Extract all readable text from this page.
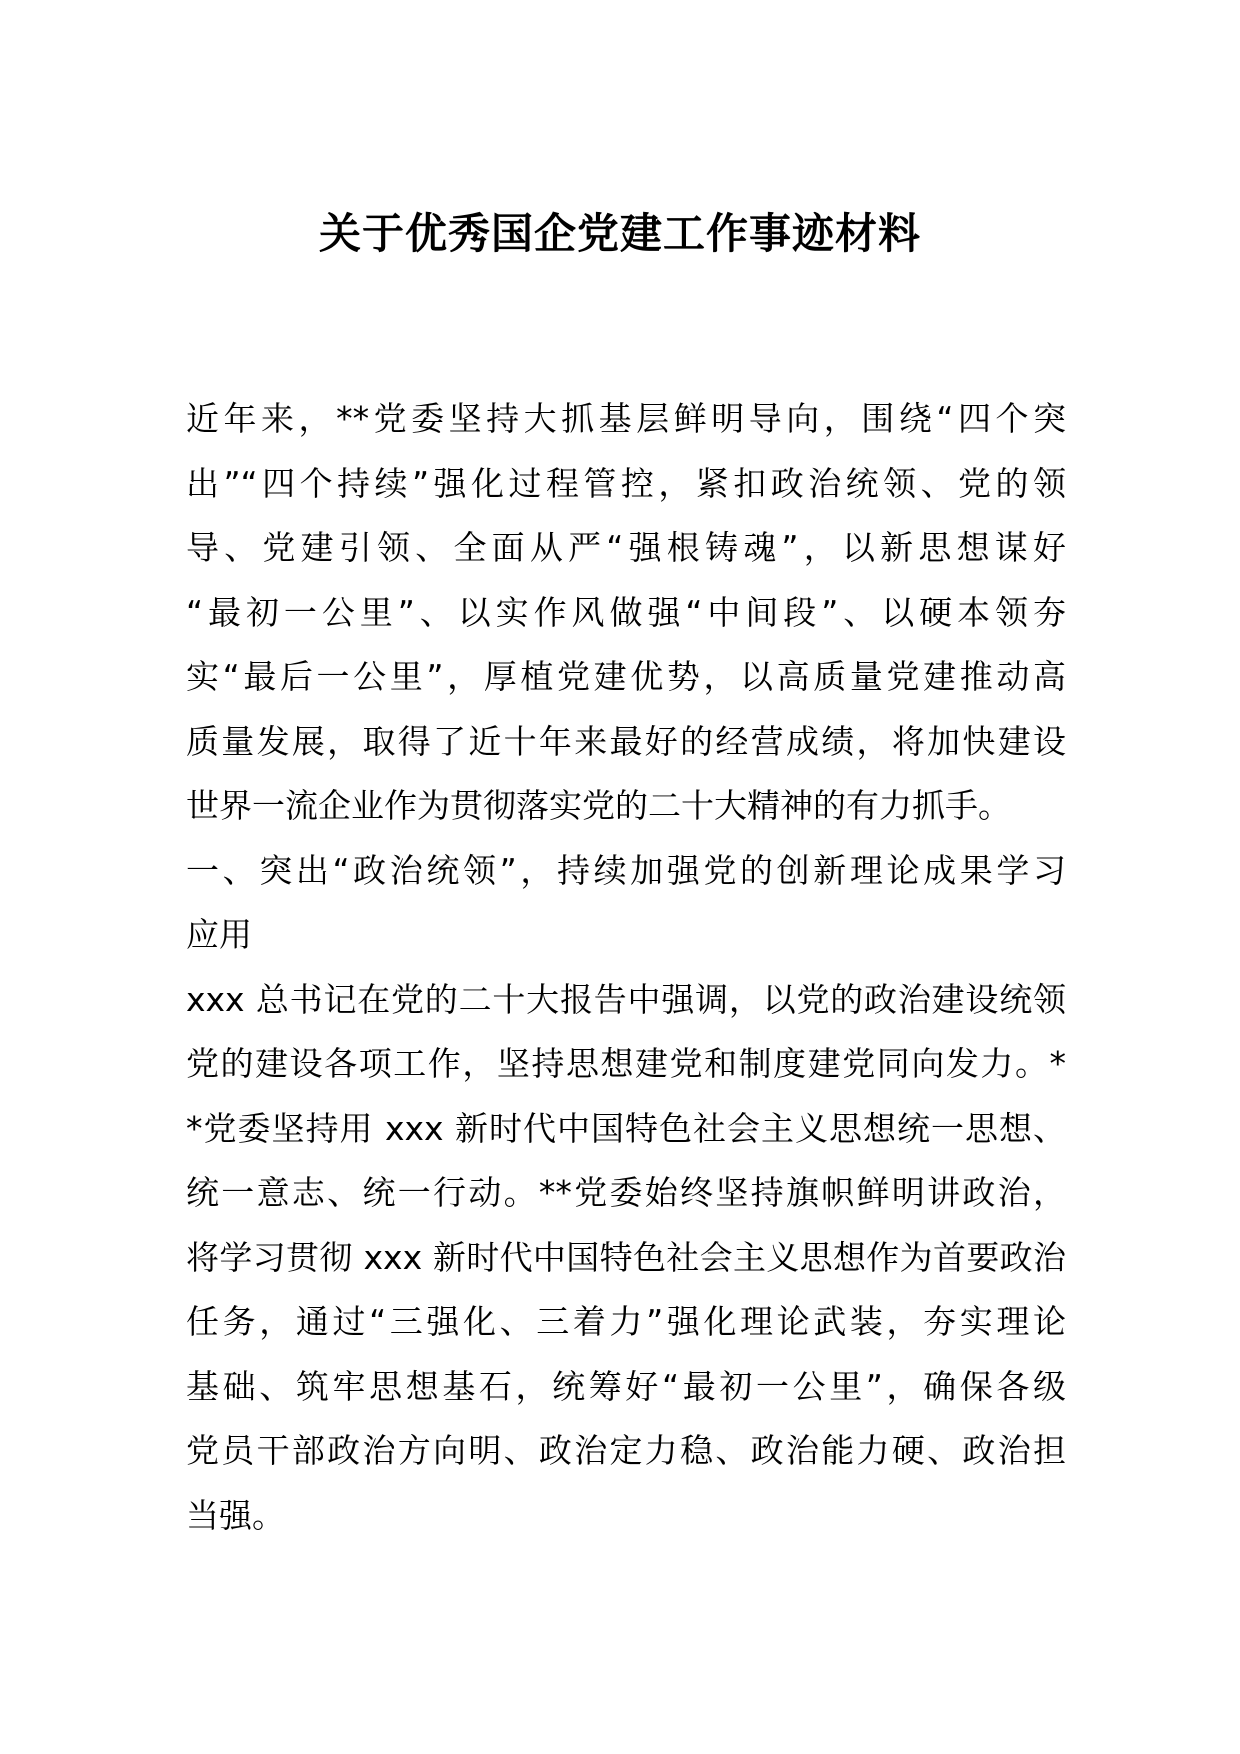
关于优秀国企党建工作事迹材料
近年来，**党委坚持大抓基层鲜明导向，围绕“四个突
出”“四个持续”强化过程管控，紧扣政治统领、党的领
导、党建引领、全面从严“强根铸魂”，以新思想谋好
“最初一公里”、以实作风做强“中间段”、以硬本领夯
实“最后一公里”，厚植党建优势，以高质量党建推动高
质量发展，取得了近十年来最好的经营成绩，将加快建设
世界一流企业作为贯彻落实党的二十大精神的有力抓手。
一、突出“政治统领”，持续加强党的创新理论成果学习
应用
xxx 总书记在党的二十大报告中强调，以党的政治建设统领
党的建设各项工作，坚持思想建党和制度建党同向发力。*
*党委坚持用 xxx 新时代中国特色社会主义思想统一思想、
统一意志、统一行动。**党委始终坚持旗帜鲜明讲政治，
将学习贯彻 xxx 新时代中国特色社会主义思想作为首要政治
任务，通过“三强化、三着力”强化理论武装，夯实理论
基础、筑牢思想基石，统筹好“最初一公里”，确保各级
党员干部政治方向明、政治定力稳、政治能力硬、政治担
当强。
